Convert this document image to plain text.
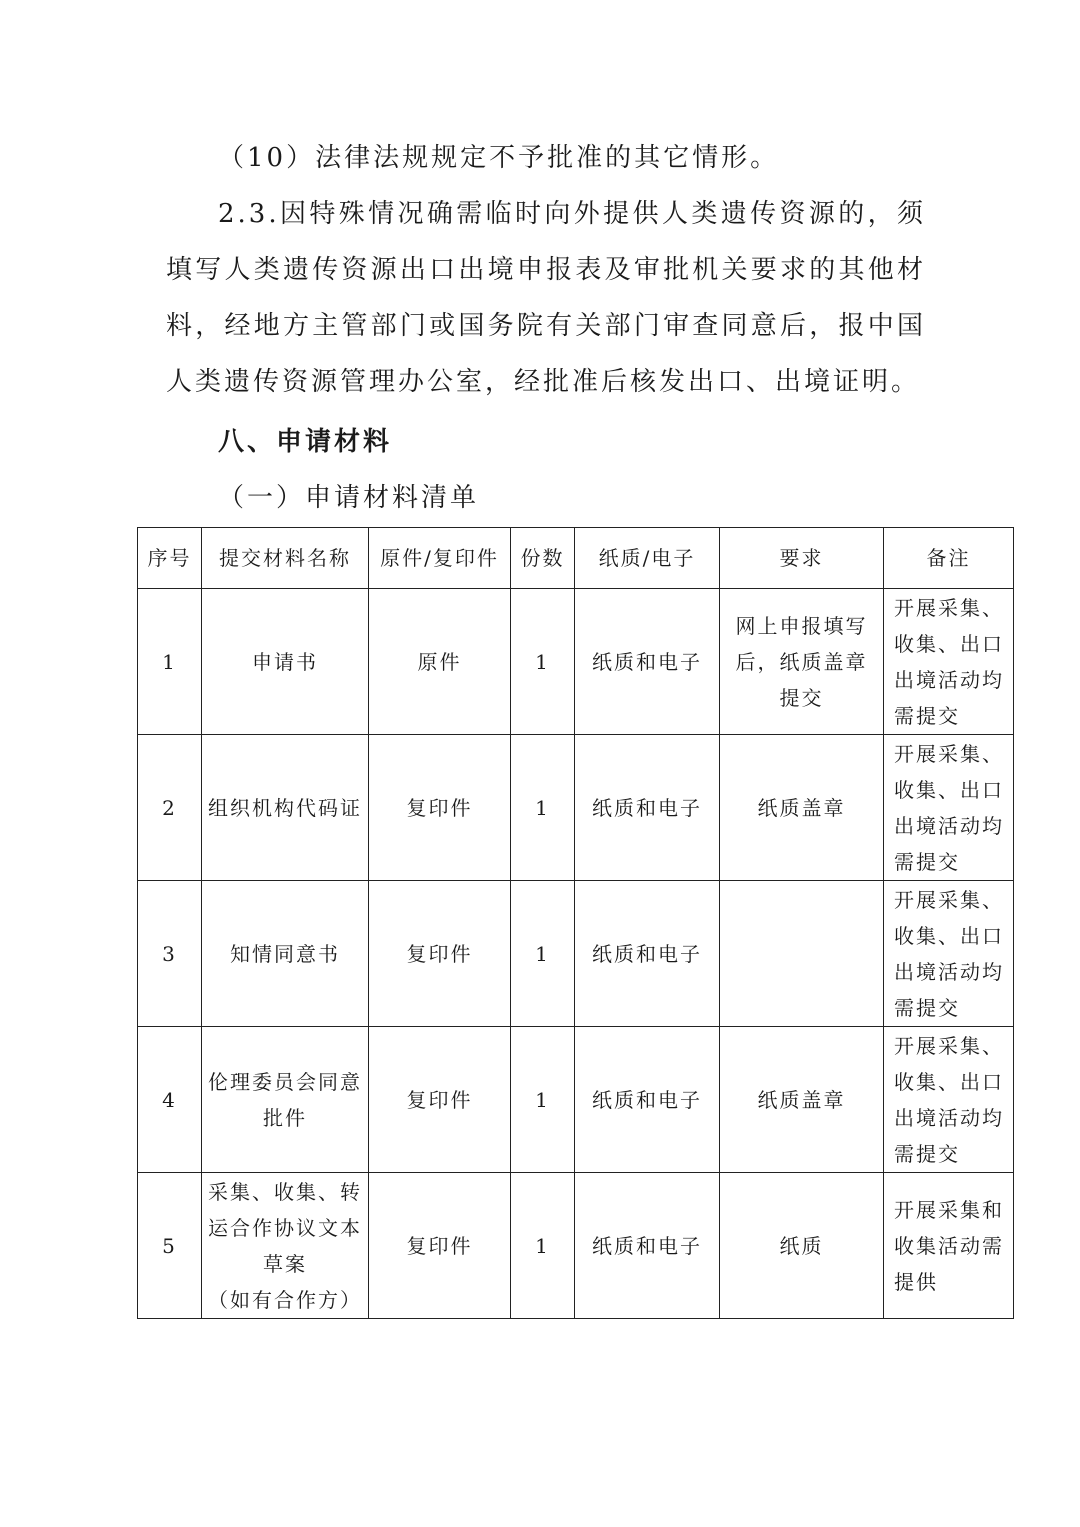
（10）法律法规规定不予批准的其它情形。

2.3.因特殊情况确需临时向外提供人类遗传资源的，须填写人类遗传资源出口出境申报表及审批机关要求的其他材料，经地方主管部门或国务院有关部门审查同意后，报中国人类遗传资源管理办公室，经批准后核发出口、出境证明。

八、申请材料

（一）申请材料清单

序号	提交材料名称	原件/复印件	份数	纸质/电子	要求	备注
1	申请书	原件	1	纸质和电子	网上申报填写后，纸质盖章提交	开展采集、收集、出口出境活动均需提交
2	组织机构代码证	复印件	1	纸质和电子	纸质盖章	开展采集、收集、出口出境活动均需提交
3	知情同意书	复印件	1	纸质和电子		开展采集、收集、出口出境活动均需提交
4	伦理委员会同意批件	复印件	1	纸质和电子	纸质盖章	开展采集、收集、出口出境活动均需提交
5	采集、收集、转运合作协议文本草案
（如有合作方）	复印件	1	纸质和电子	纸质	开展采集和收集活动需提供
